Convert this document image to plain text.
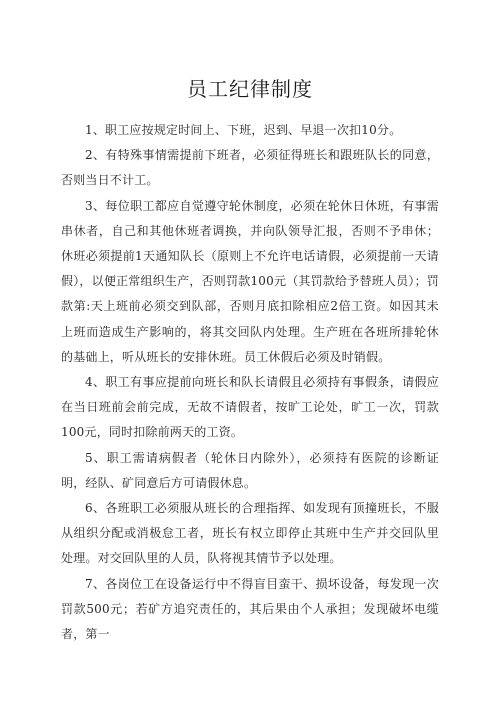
员工纪律制度

1、职工应按规定时间上、下班，迟到、早退一次扣10分。

2、有特殊事情需提前下班者，必须征得班长和跟班队长的同意，否则当日不计工。

3、每位职工都应自觉遵守轮休制度，必须在轮休日休班，有事需串休者，自己和其他休班者调换，并向队领导汇报，否则不予串休；休班必须提前1天通知队长（原则上不允许电话请假，必须提前一天请假），以便正常组织生产，否则罚款100元（其罚款给予替班人员）；罚款第:天上班前必须交到队部，否则月底扣除相应2倍工资。如因其未上班而造成生产影响的，将其交回队内处理。生产班在各班所排轮休的基础上，听从班长的安排休班。员工休假后必须及时销假。

4、职工有事应提前向班长和队长请假且必须持有事假条，请假应在当日班前会前完成，无故不请假者，按旷工论处，旷工一次，罚款100元，同时扣除前两天的工资。

5、职工需请病假者（轮休日内除外），必须持有医院的诊断证明，经队、矿同意后方可请假休息。

6、各班职工必须服从班长的合理指挥、如发现有顶撞班长，不服从组织分配或消极怠工者，班长有权立即停止其班中生产并交回队里处理。对交回队里的人员，队将视其情节予以处理。

7、各岗位工在设备运行中不得盲目蛮干、损坏设备，每发现一次罚款500元；若矿方追究责任的，其后果由个人承担；发现破坏电缆者，第一
